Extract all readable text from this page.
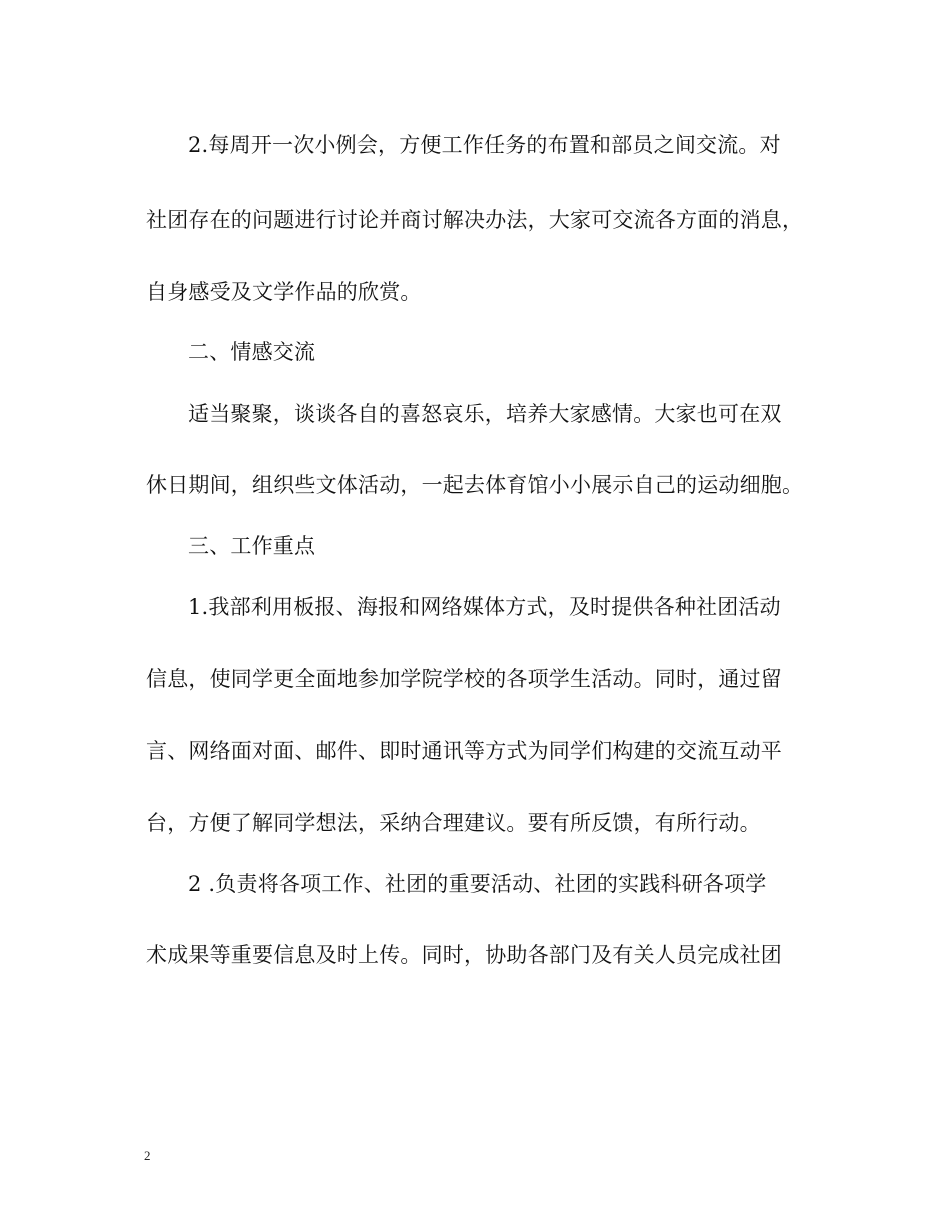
2.每周开一次小例会，方便工作任务的布置和部员之间交流。对
社团存在的问题进行讨论并商讨解决办法，大家可交流各方面的消息，
自身感受及文学作品的欣赏。
二、情感交流
适当聚聚，谈谈各自的喜怒哀乐，培养大家感情。大家也可在双
休日期间，组织些文体活动，一起去体育馆小小展示自己的运动细胞。
三、工作重点
1.我部利用板报、海报和网络媒体方式，及时提供各种社团活动
信息，使同学更全面地参加学院学校的各项学生活动。同时，通过留
言、网络面对面、邮件、即时通讯等方式为同学们构建的交流互动平
台，方便了解同学想法，采纳合理建议。要有所反馈，有所行动。
2 .负责将各项工作、社团的重要活动、社团的实践科研各项学
术成果等重要信息及时上传。同时，协助各部门及有关人员完成社团
2
